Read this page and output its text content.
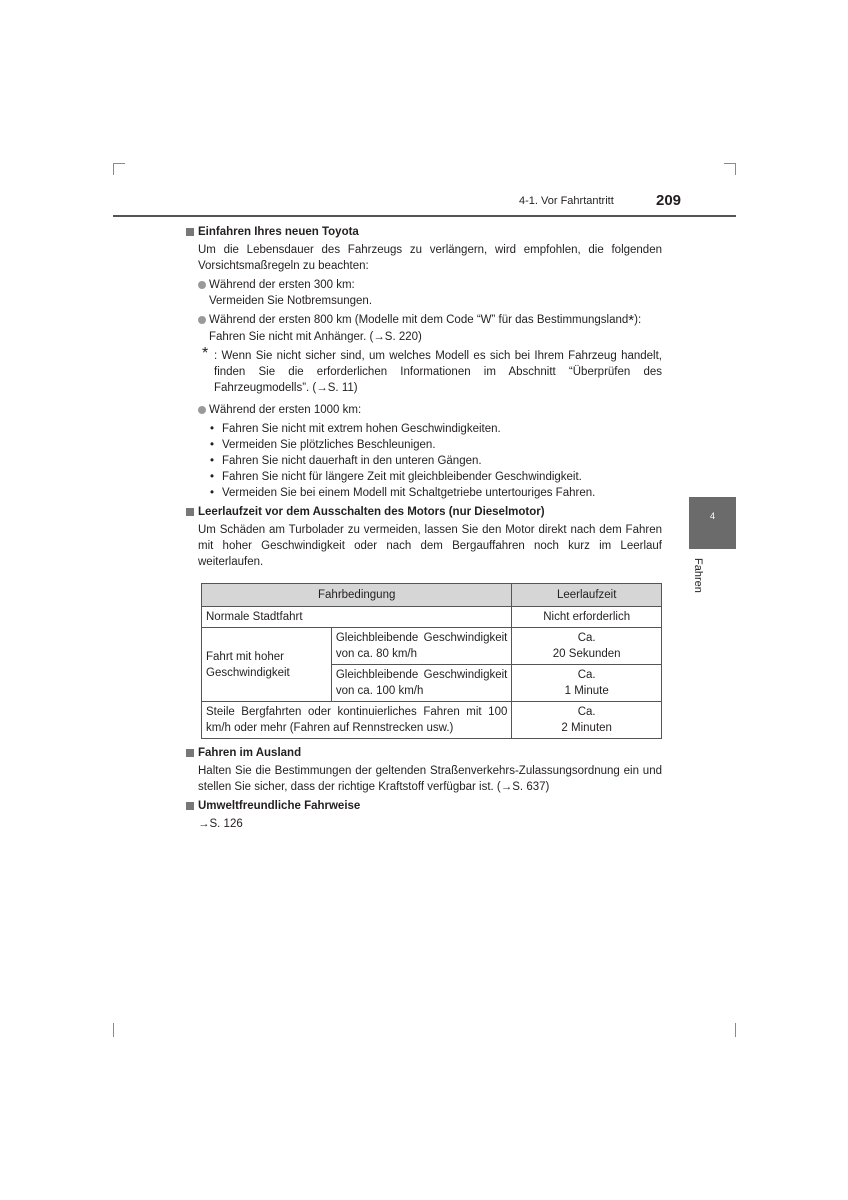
4-1. Vor Fahrtantritt	209
4
Fahren
Einfahren Ihres neuen Toyota
Um die Lebensdauer des Fahrzeugs zu verlängern, wird empfohlen, die folgenden Vorsichtsmaßregeln zu beachten:
Während der ersten 300 km:
Vermeiden Sie Notbremsungen.
Während der ersten 800 km (Modelle mit dem Code “W” für das Bestimmungsland*):
Fahren Sie nicht mit Anhänger. (→S. 220)
* : Wenn Sie nicht sicher sind, um welches Modell es sich bei Ihrem Fahrzeug handelt, finden Sie die erforderlichen Informationen im Abschnitt “Überprüfen des Fahrzeugmodells”. (→S. 11)
Während der ersten 1000 km:
• Fahren Sie nicht mit extrem hohen Geschwindigkeiten.
• Vermeiden Sie plötzliches Beschleunigen.
• Fahren Sie nicht dauerhaft in den unteren Gängen.
• Fahren Sie nicht für längere Zeit mit gleichbleibender Geschwindigkeit.
• Vermeiden Sie bei einem Modell mit Schaltgetriebe untertouriges Fahren.
Leerlaufzeit vor dem Ausschalten des Motors (nur Dieselmotor)
Um Schäden am Turbolader zu vermeiden, lassen Sie den Motor direkt nach dem Fahren mit hoher Geschwindigkeit oder nach dem Bergauffahren noch kurz im Leerlauf weiterlaufen.
Fahrbedingung		Leerlaufzeit
Normale Stadtfahrt		Nicht erforderlich
Fahrt mit hoher Geschwindigkeit	Gleichbleibende Geschwindigkeit von ca. 80 km/h	Ca.
20 Sekunden

	Gleichbleibende Geschwindigkeit von ca. 100 km/h	Ca.
1 Minute

Steile Bergfahrten oder kontinuierliches Fahren mit 100 km/h oder mehr (Fahren auf Rennstrecken usw.)		Ca.
2 Minuten
Fahren im Ausland
Halten Sie die Bestimmungen der geltenden Straßenverkehrs-Zulassungsordnung ein und stellen Sie sicher, dass der richtige Kraftstoff verfügbar ist. (→S. 637)
Umweltfreundliche Fahrweise
→S. 126
